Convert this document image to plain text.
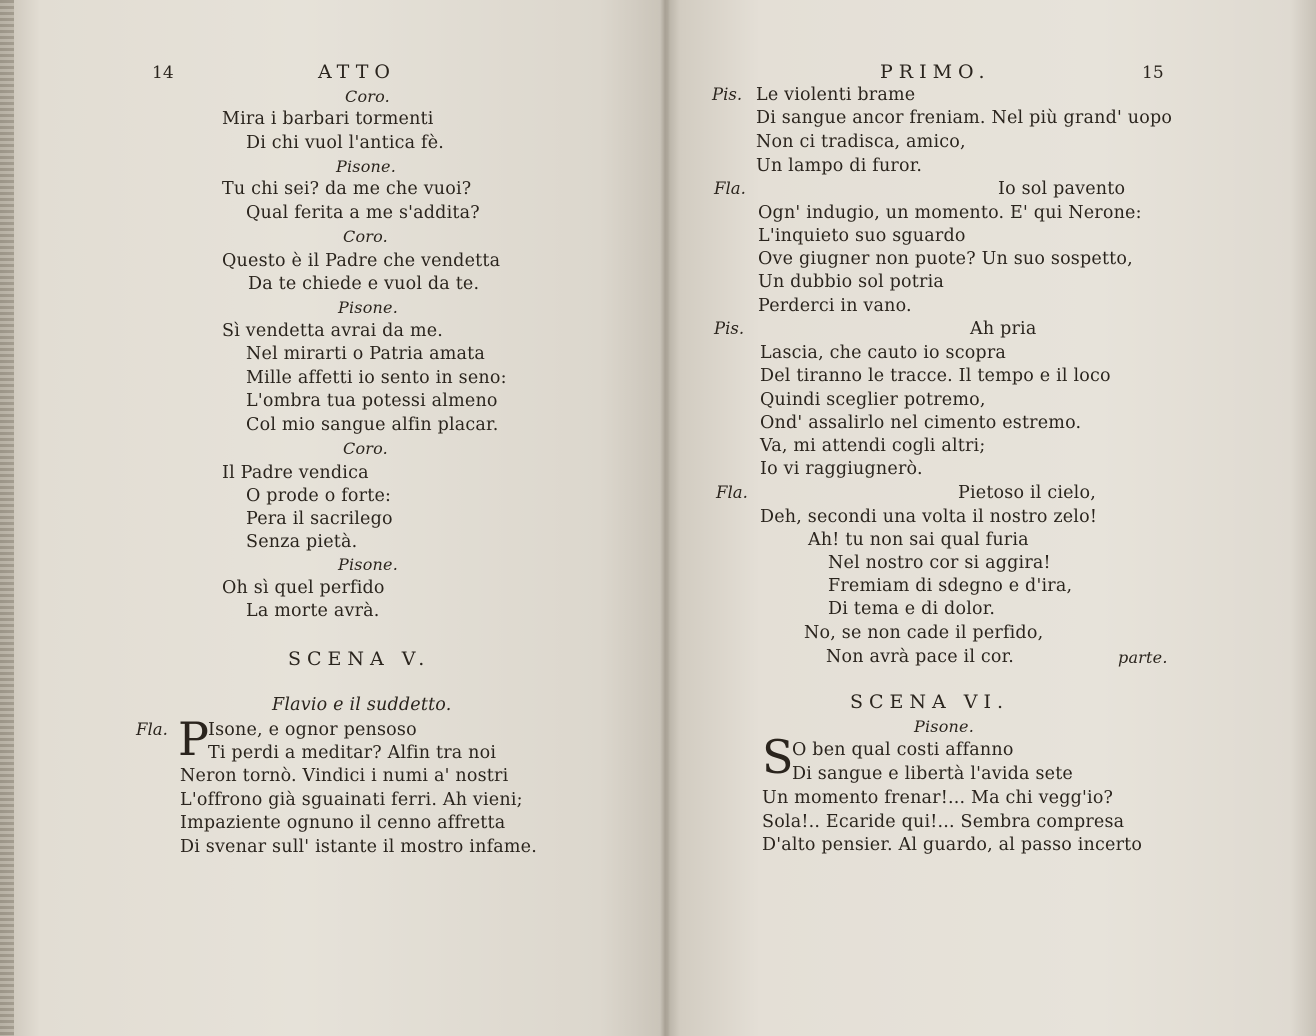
14	ATTO
Coro.
Mira i barbari tormenti
Di chi vuol l'antica fè.
Pisone.
Tu chi sei? da me che vuoi?
Qual ferita a me s'addita?
Coro.
Questo è il Padre che vendetta
Da te chiede e vuol da te.
Pisone.
Sì vendetta avrai da me.
Nel mirarti o Patria amata
Mille affetti io sento in seno:
L'ombra tua potessi almeno
Col mio sangue alfin placar.
Coro.
Il Padre vendica
O prode o forte:
Pera il sacrilego
Senza pietà.
Pisone.
Oh sì quel perfido
La morte avrà.
SCENA V.
Flavio e il suddetto.
Fla. P Isone, e ognor pensoso
Ti perdi a meditar? Alfin tra noi
Neron tornò. Vindici i numi a' nostri
L'offrono già sguainati ferri. Ah vieni;
Impaziente ognuno il cenno affretta
Di svenar sull' istante il mostro infame.
PRIMO.	15
Pis. Le violenti brame
Di sangue ancor freniam. Nel più grand' uopo
Non ci tradisca, amico,
Un lampo di furor.
Fla.	Io sol pavento
Ogn' indugio, un momento. E' qui Nerone:
L'inquieto suo sguardo
Ove giugner non puote? Un suo sospetto,
Un dubbio sol potria
Perderci in vano.
Pis.	Ah pria
Lascia, che cauto io scopra
Del tiranno le tracce. Il tempo e il loco
Quindi sceglier potremo,
Ond' assalirlo nel cimento estremo.
Va, mi attendi cogli altri;
Io vi raggiugnerò.
Fla.	Pietoso il cielo,
Deh, secondi una volta il nostro zelo!
Ah! tu non sai qual furia
Nel nostro cor si aggira!
Fremiam di sdegno e d'ira,
Di tema e di dolor.
No, se non cade il perfido,
Non avrà pace il cor.	parte.
SCENA VI.
Pisone.
S
O ben qual costi affanno
Di sangue e libertà l'avida sete
Un momento frenar!... Ma chi vegg'io?
Sola!.. Ecaride qui!... Sembra compresa
D'alto pensier. Al guardo, al passo incerto
